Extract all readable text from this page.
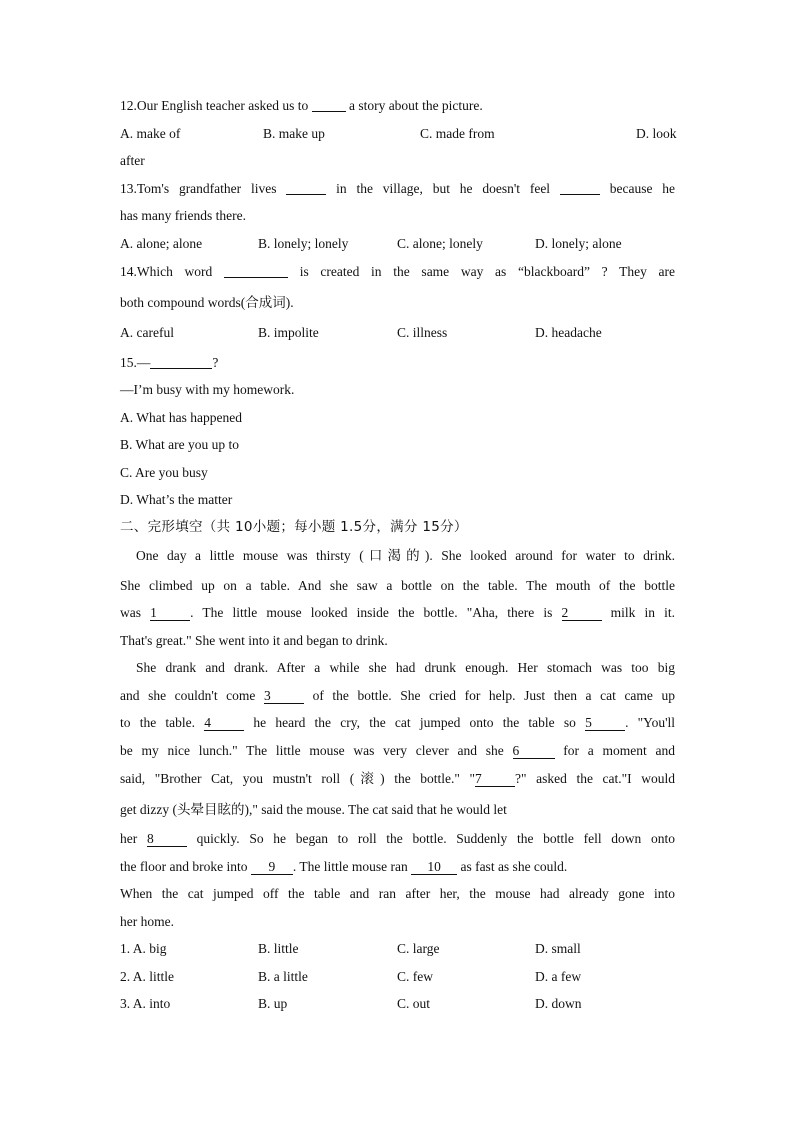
12.Our English teacher asked us to	a story about the picture.
A. make of	B. make up	C. made from	D. look
after
13.Tom's grandfather lives	in the village, but he doesn't feel	because he
has many friends there.
A. alone; alone	B. lonely; lonely	C. alone; lonely	D. lonely; alone
14.Which word	is created in the same way as “blackboard” ? They are
both compound words(合成词).
A. careful	B. impolite	C. illness	D. headache
15.—	?
—I’m busy with my homework.
A. What has happened
B. What are you up to
C. Are you busy
D. What’s the matter
二、完形填空（共 10小题；每小题 1.5分，满分 15分）
One day a little mouse was thirsty (口渴的). She looked around for water to drink.
She climbed up on a table. And she saw a bottle on the table. The mouth of the bottle
was 1 . The little mouse looked inside the bottle. "Aha, there is 2 milk in it.
That's great." She went into it and began to drink.
She drank and drank. After a while she had drunk enough. Her stomach was too big
and she couldn't come 3 of the bottle. She cried for help. Just then a cat came up
to the table. 4 he heard the cry, the cat jumped onto the table so 5 . "You'll
be my nice lunch." The little mouse was very clever and she 6	for a moment and
said, "Brother Cat, you mustn't roll (滚) the bottle." "7 ?" asked the cat."I would
get dizzy (头晕目眩的)," said the mouse. The cat said that he would let
her 8 quickly. So he began to roll the bottle. Suddenly the bottle fell down onto
the floor and broke into 9 . The little mouse ran 10 as fast as she could.
When the cat jumped off the table and ran after her, the mouse had already gone into
her home.
1. A. big	B. little	C. large	D. small
2. A. little	B. a little	C. few	D. a few
3. A. into	B. up	C. out	D. down
